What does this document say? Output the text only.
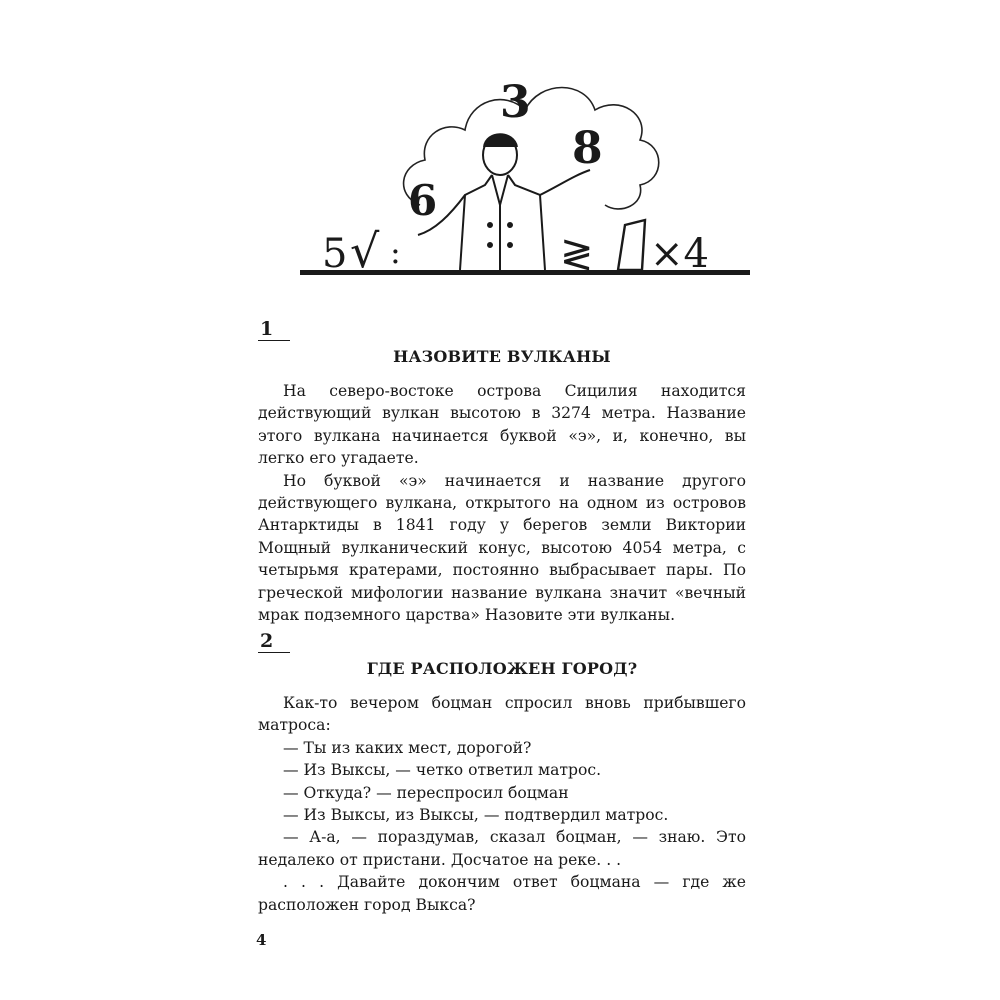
5 √ :
6
3
8
≷ ×4
1
НАЗОВИТЕ ВУЛКАНЫ

На северо-востоке острова Сицилия находится действующий вулкан высотою в 3274 метра. Название этого вулкана начинается буквой «э», и, конечно, вы легко его угадаете.

Но буквой «э» начинается и название другого действующего вулкана, открытого на одном из островов Антарктиды в 1841 году у берегов земли Виктории Мощный вулканический конус, высотою 4054 метра, с четырьмя кратерами, постоянно выбрасывает пары. По греческой мифологии название вулкана значит «вечный мрак подземного царства» Назовите эти вулканы.

2
ГДЕ РАСПОЛОЖЕН ГОРОД?

Как-то вечером боцман спросил вновь прибывшего матроса:

— Ты из каких мест, дорогой?

— Из Выксы, — четко ответил матрос.

— Откуда? — переспросил боцман

— Из Выксы, из Выксы, — подтвердил матрос.

— А-а, — пораздумав, сказал боцман, — знаю. Это недалеко от пристани. Досчатое на реке. . .

. . . Давайте докончим ответ боцмана — где же расположен город Выкса?

4
